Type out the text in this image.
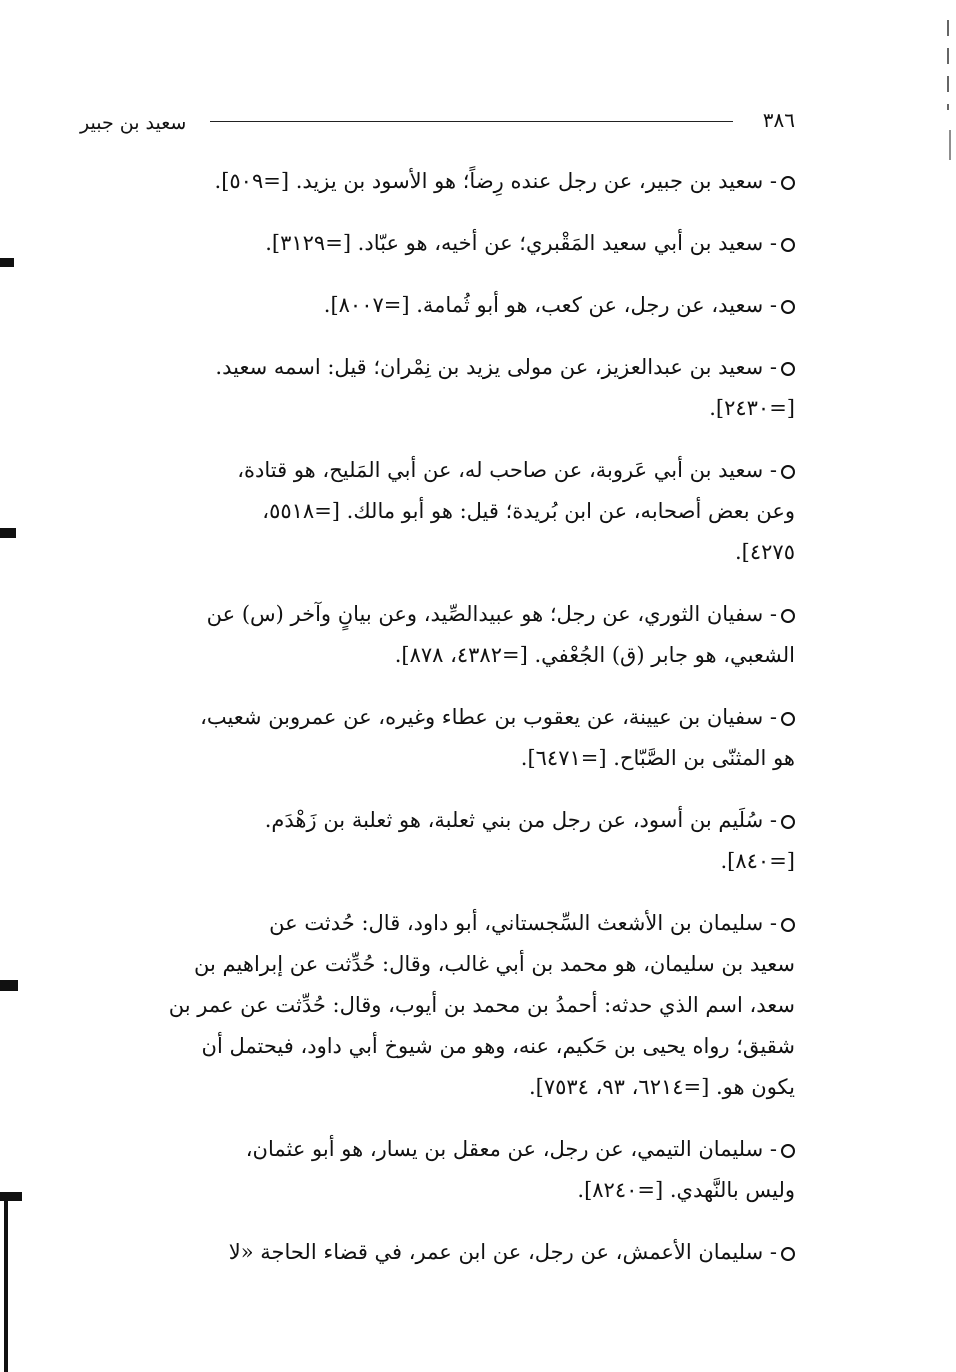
٣٨٦
سعيد بن جبير

- سعيد بن جبير، عن رجل عنده رِضاً؛ هو الأسود بن يزيد. [=٥٠٩].

- سعيد بن أبي سعيد المَقْبري؛ عن أخيه، هو عبّاد. [=٣١٢٩].

- سعيد، عن رجل، عن كعب، هو أبو ثُمامة. [=٨٠٠٧].

- سعيد بن عبدالعزيز، عن مولى يزيد بن نِمْران؛ قيل: اسمه سعيد.
[=٢٤٣٠].

- سعيد بن أبي عَروبة، عن صاحب له، عن أبي المَليح، هو قتادة،
وعن بعض أصحابه، عن ابن بُريدة؛ قيل: هو أبو مالك. [=٥٥١٨،
٤٢٧٥].

- سفيان الثوري، عن رجل؛ هو عبيدالصِّيد، وعن بيانٍ وآخر (س) عن
الشعبي، هو جابر (ق) الجُعْفي. [=٤٣٨٢، ٨٧٨].

- سفيان بن عيينة، عن يعقوب بن عطاء وغيره، عن عمروبن شعيب،
هو المثنّى بن الصَّبّاح. [=٦٤٧١].

- سُلَيم بن أسود، عن رجل من بني ثعلبة، هو ثعلبة بن زَهْدَم.
[=٨٤٠].

- سليمان بن الأشعث السِّجستاني، أبو داود، قال: حُدثت عن
سعيد بن سليمان، هو محمد بن أبي غالب، وقال: حُدِّثت عن إبراهيم بن
سعد، اسم الذي حدثه: أحمدُ بن محمد بن أيوب، وقال: حُدِّثت عن عمر بن
شقيق؛ رواه يحيى بن حَكيم، عنه، وهو من شيوخ أبي داود، فيحتمل أن
يكون هو. [=٦٢١٤، ٩٣، ٧٥٣٤].

- سليمان التيمي، عن رجل، عن معقل بن يسار، هو أبو عثمان،
وليس بالنَّهدي. [=٨٢٤٠].

- سليمان الأعمش، عن رجل، عن ابن عمر، في قضاء الحاجة «لا
